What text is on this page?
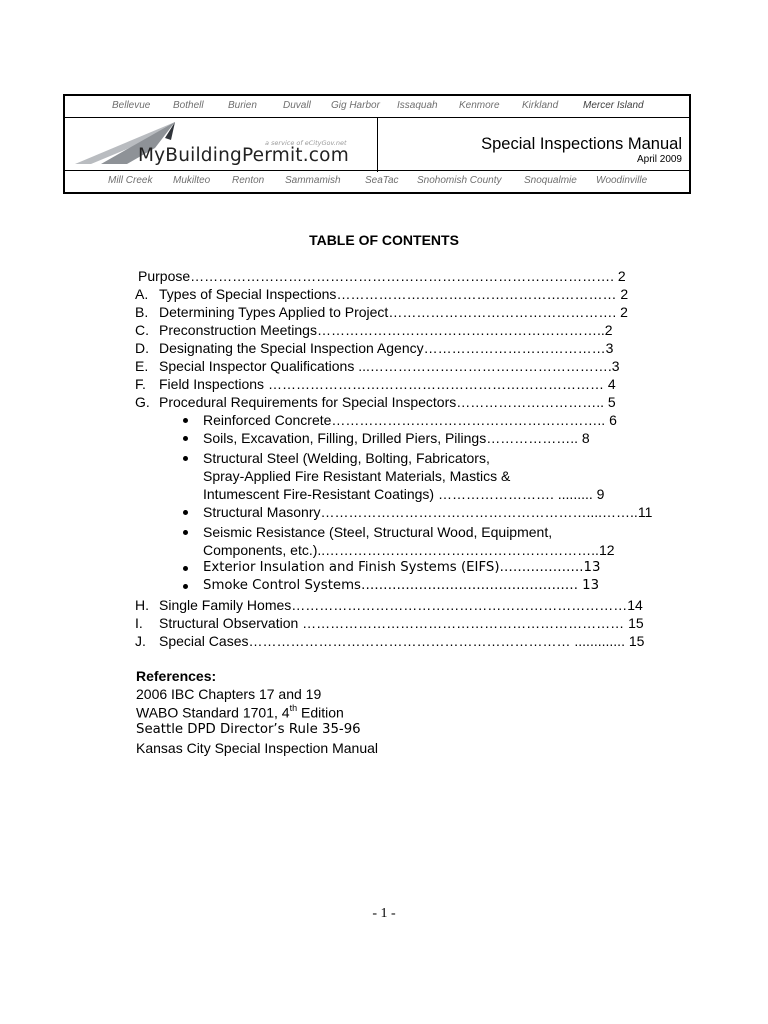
Bellevue Bothell Burien	Duvall Gig Harbor Issaquah Kenmore Kirkland Mercer Island
a service of eCityGov.net
MyBuildingPermit.com
Special Inspections Manual
April 2009
Mill Creek Mukilteo Renton Sammamish SeaTac Snohomish County Snoqualmie Woodinville
TABLE OF CONTENTS
Purpose………………………………………………………………………………. 2
A. Types of Special Inspections…………………………………………………… 2
B. Determining Types Applied to Project…………………………………………. 2
C. Preconstruction Meetings……………………………………………………..2
D. Designating the Special Inspection Agency…………………………………3
E. Special Inspector Qualifications ...…………………………………………….3
F. Field Inspections ……………………………………………………………… 4
G. Procedural Requirements for Special Inspectors………………………….. 5
Reinforced Concrete………………………………………………….. 6
Soils, Excavation, Filling, Drilled Piers, Pilings……………….. 8
Structural Steel (Welding, Bolting, Fabricators,
Spray-Applied Fire Resistant Materials, Mastics &
Intumescent Fire-Resistant Coatings) ……………………. ......... 9
Structural Masonry…………………………………………………....……..11
Seismic Resistance (Steel, Structural Wood, Equipment,
Components, etc.)..…………………………………………………..12
Exterior Insulation and Finish Systems (EIFS)……………….13
Smoke Control Systems…………………………………………. 13
H. Single Family Homes………………………………………………………………14
I. Structural Observation …………………………………………………………… 15
J. Special Cases…………………………………………………………… ............. 15
References:
2006 IBC Chapters 17 and 19
WABO Standard 1701, 4th Edition
Seattle DPD Director’s Rule 35-96
Kansas City Special Inspection Manual
- 1 -
